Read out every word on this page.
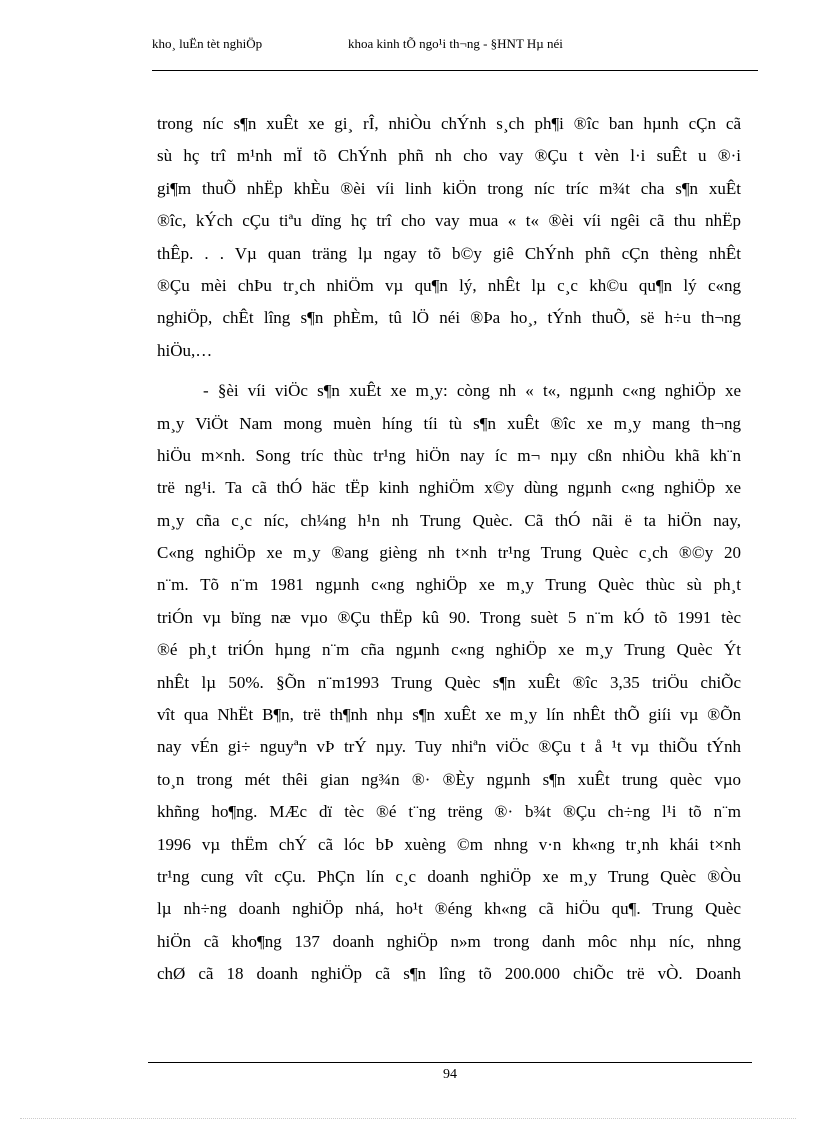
kho¸ luËn tèt nghiÖp	khoa kinh tÕ ngo¹i th¬ng - §HNT Hµ néi
trong níc s¶n xuÊt xe gi¸ rÎ, nhiÒu chÝnh s¸ch ph¶i ®îc ban hµnh cÇn cã
sù hç trî m¹nh mÏ tõ ChÝnh phñ nh cho vay ®Çu t vèn l·i suÊt u ®·i
gi¶m thuÕ nhËp khÈu ®èi víi linh kiÖn trong níc tríc m¾t cha s¶n xuÊt
®îc, kÝch cÇu tiªu dïng hç trî cho vay mua « t« ®èi víi ngêi cã thu nhËp
thÊp. . . Vµ quan träng lµ ngay tõ b©y giê ChÝnh phñ cÇn thèng nhÊt
®Çu mèi chÞu tr¸ch nhiÖm vµ qu¶n lý, nhÊt lµ c¸c kh©u qu¶n lý c«ng
nghiÖp, chÊt lîng s¶n phÈm, tû lÖ néi ®Þa ho¸, tÝnh thuÕ, së h÷u th¬ng
hiÖu,…
- §èi víi viÖc s¶n xuÊt xe m¸y: còng nh « t«, ngµnh c«ng nghiÖp xe
m¸y ViÖt Nam mong muèn híng tíi tù s¶n xuÊt ®îc xe m¸y mang th¬ng
hiÖu m×nh. Song tríc thùc tr¹ng hiÖn nay íc m¬ nµy cßn nhiÒu khã kh¨n
trë ng¹i. Ta cã thÓ häc tËp kinh nghiÖm x©y dùng ngµnh c«ng nghiÖp xe
m¸y cña c¸c níc, ch¼ng h¹n nh Trung Quèc. Cã thÓ nãi ë ta hiÖn nay,
C«ng nghiÖp xe m¸y ®ang gièng nh t×nh tr¹ng Trung Quèc c¸ch ®©y 20
n¨m. Tõ n¨m 1981 ngµnh c«ng nghiÖp xe m¸y Trung Quèc thùc sù ph¸t
triÓn vµ bïng næ vµo ®Çu thËp kû 90. Trong suèt 5 n¨m kÓ tõ 1991 tèc
®é ph¸t triÓn hµng n¨m cña ngµnh c«ng nghiÖp xe m¸y Trung Quèc Ýt
nhÊt lµ 50%. §Õn n¨m1993 Trung Quèc s¶n xuÊt ®îc 3,35 triÖu chiÕc
vît qua NhËt B¶n, trë th¶nh nhµ s¶n xuÊt xe m¸y lín nhÊt thÕ giíi vµ ®Õn
nay vÉn gi÷ nguyªn vÞ trÝ nµy. Tuy nhiªn viÖc ®Çu t å ¹t vµ thiÕu tÝnh
to¸n trong mét thêi gian ng¾n ®· ®Èy ngµnh s¶n xuÊt trung quèc vµo
khñng ho¶ng. MÆc dï tèc ®é t¨ng trëng ®· b¾t ®Çu ch÷ng l¹i tõ n¨m
1996 vµ thËm chÝ cã lóc bÞ xuèng ©m nhng v·n kh«ng tr¸nh khái t×nh
tr¹ng cung vît cÇu. PhÇn lín c¸c doanh nghiÖp xe m¸y Trung Quèc ®Òu
lµ nh÷ng doanh nghiÖp nhá, ho¹t ®éng kh«ng cã hiÖu qu¶. Trung Quèc
hiÖn cã kho¶ng 137 doanh nghiÖp n»m trong danh môc nhµ níc, nhng
chØ cã 18 doanh nghiÖp cã s¶n lîng tõ 200.000 chiÕc trë vÒ. Doanh
94
